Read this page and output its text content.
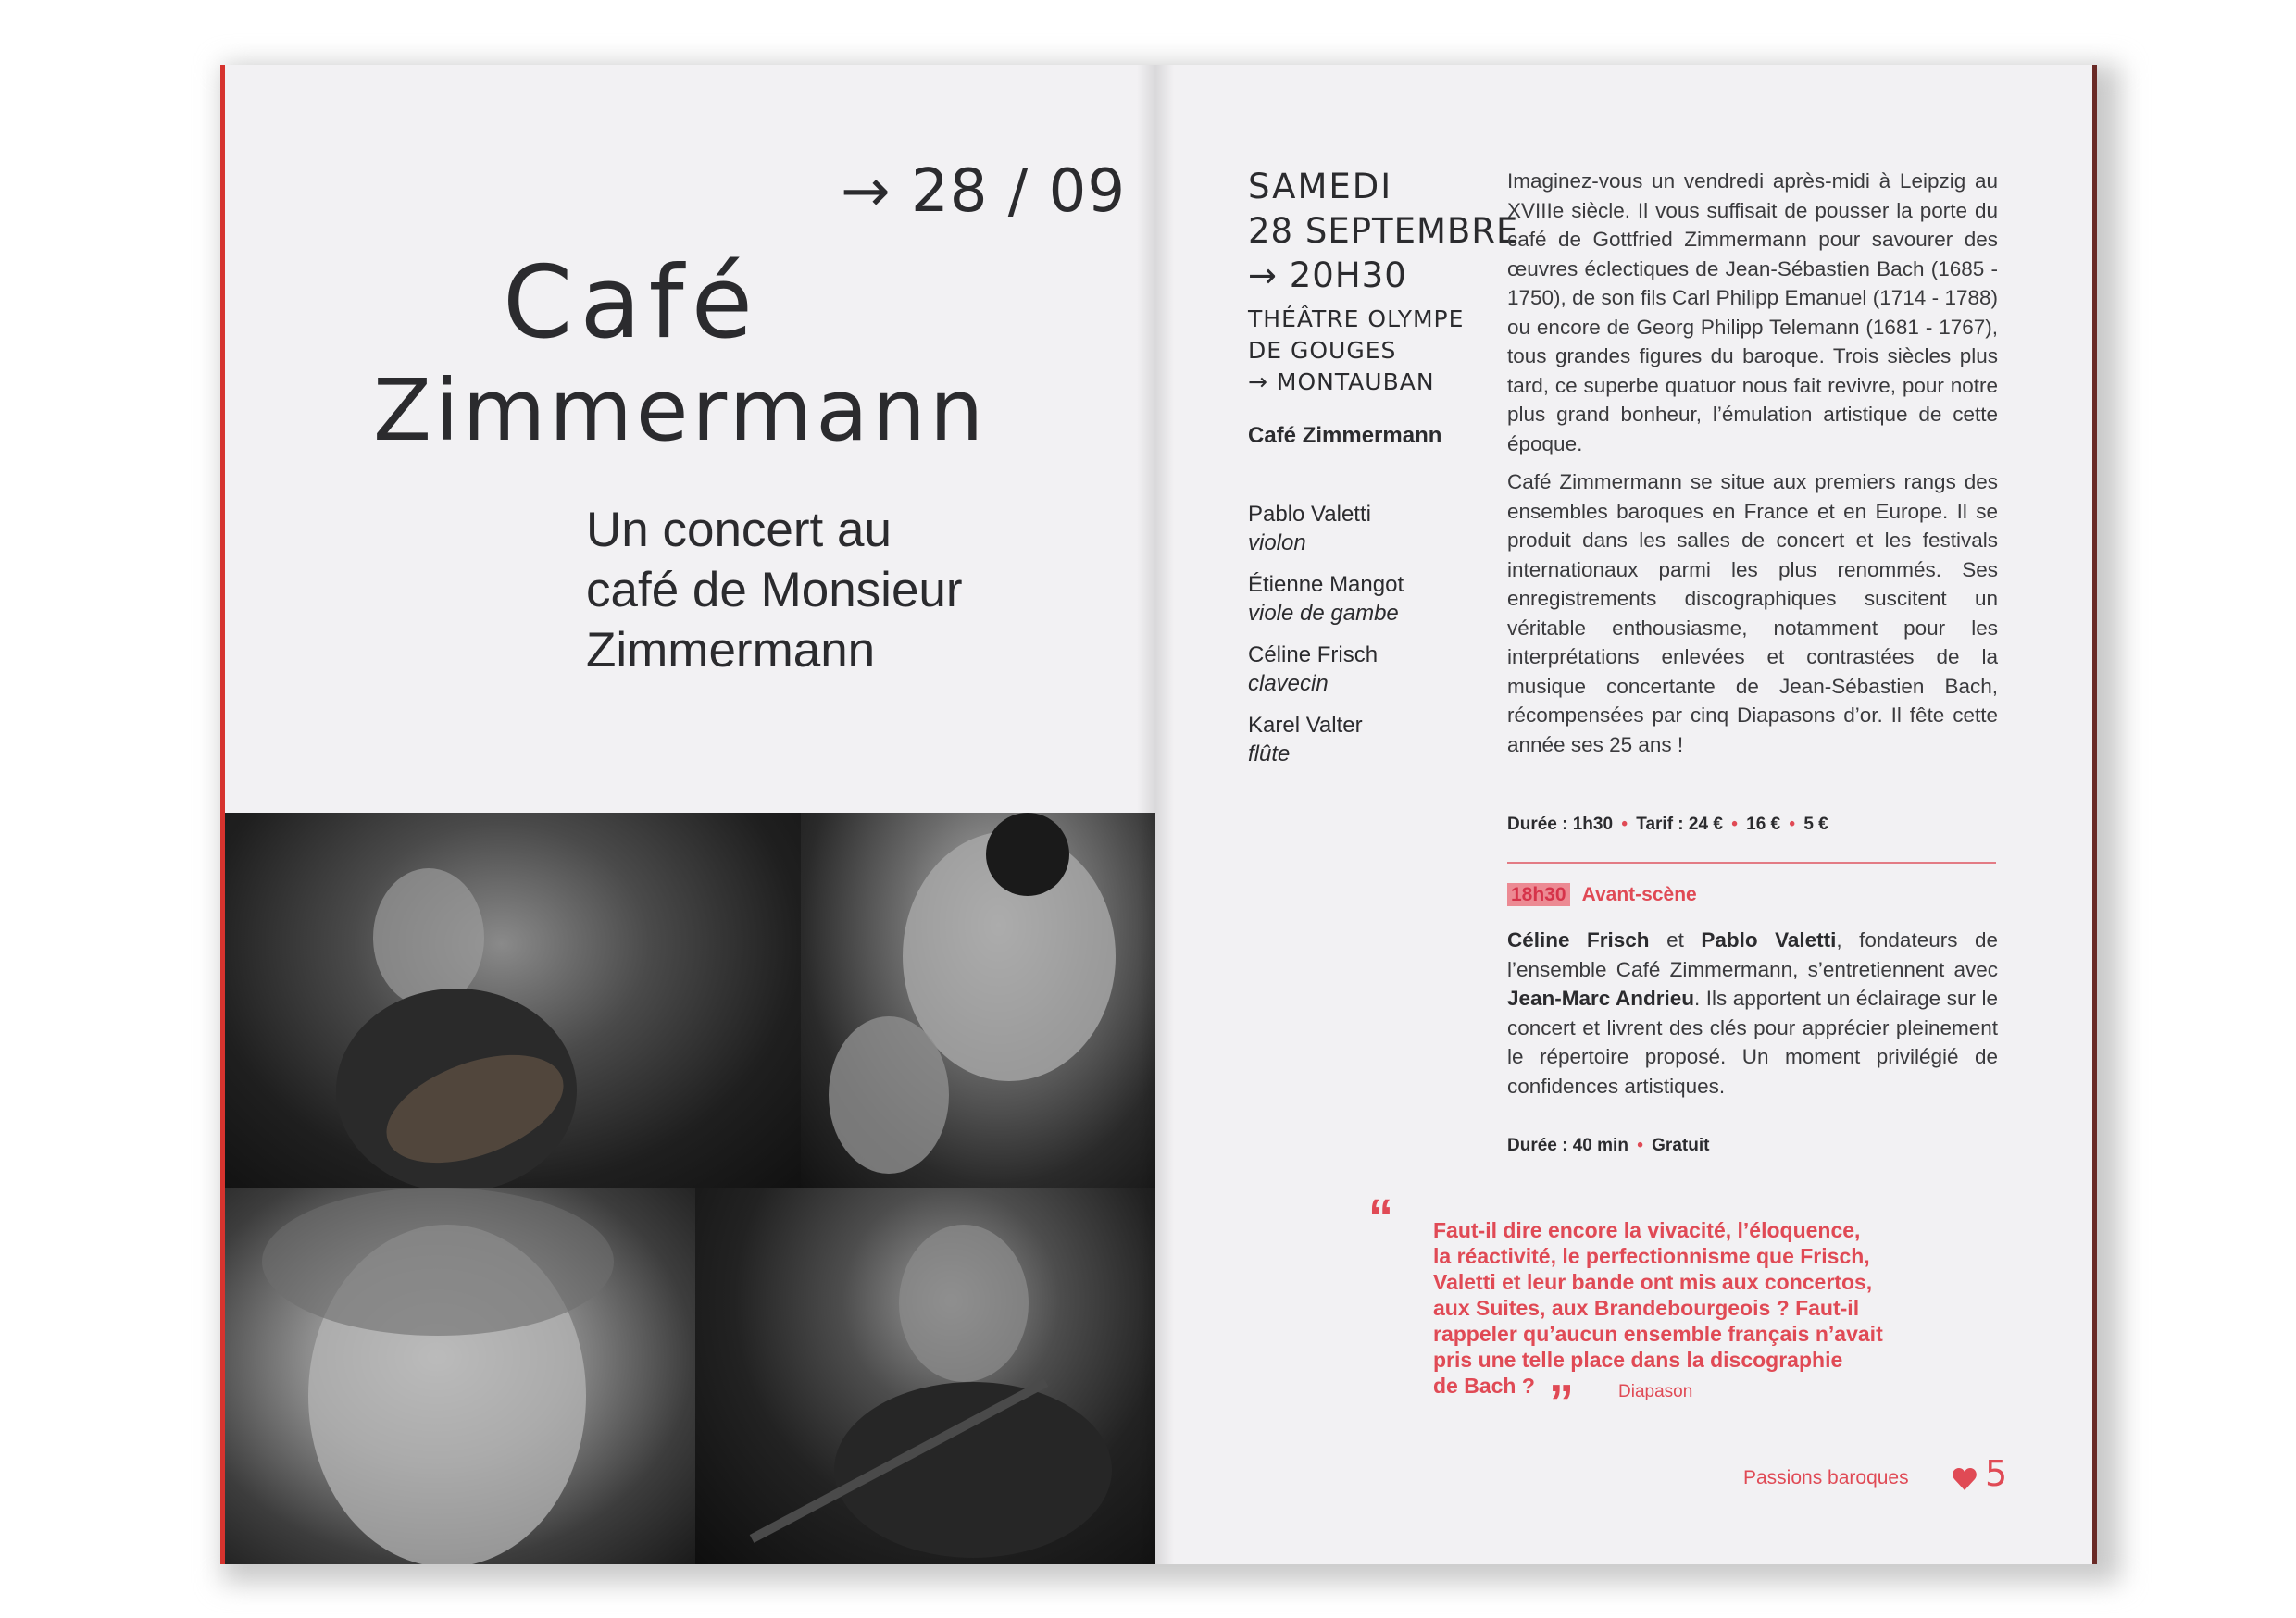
→ 28 / 09
Café
Zimmermann
Un concert au
café de Monsieur
Zimmermann
SAMEDI
28 SEPTEMBRE
→ 20H30
THÉÂTRE OLYMPE
DE GOUGES
→ MONTAUBAN
Café Zimmermann
Pablo Valetti
violon
Étienne Mangot
viole de gambe
Céline Frisch
clavecin
Karel Valter
flûte

Imaginez-vous un vendredi après-midi à Leipzig au XVIIIe siècle. Il vous suffisait de pousser la porte du café de Gottfried Zimmermann pour savourer des œuvres éclectiques de Jean-Sébastien Bach (1685 - 1750), de son fils Carl Philipp Emanuel (1714 - 1788) ou encore de Georg Philipp Telemann (1681 - 1767), tous grandes figures du baroque. Trois siècles plus tard, ce superbe quatuor nous fait revivre, pour notre plus grand bonheur, l’émulation artistique de cette époque.

Café Zimmermann se situe aux premiers rangs des ensembles baroques en France et en Europe. Il se produit dans les salles de concert et les festivals internationaux parmi les plus renommés. Ses enregistrements discographiques suscitent un véritable enthousiasme, notamment pour les interprétations enlevées et contrastées de la musique concertante de Jean-Sébastien Bach, récompensées par cinq Diapasons d’or. Il fête cette année ses 25 ans !

Durée : 1h30 • Tarif : 24 € • 16 € • 5 €
18h30 Avant-scène
Céline Frisch et Pablo Valetti, fondateurs de l’ensemble Café Zimmermann, s’entretiennent avec Jean-Marc Andrieu. Ils apportent un éclairage sur le concert et livrent des clés pour apprécier pleinement le répertoire proposé. Un moment privilégié de confidences artistiques.
Durée : 40 min • Gratuit
“ Faut-il dire encore la vivacité, l’éloquence,
la réactivité, le perfectionnisme que Frisch,
Valetti et leur bande ont mis aux concertos,
aux Suites, aux Brandebourgeois ? Faut-il
rappeler qu’aucun ensemble français n’avait
pris une telle place dans la discographie
de Bach ? ”	Diapason
Passions baroques 5
